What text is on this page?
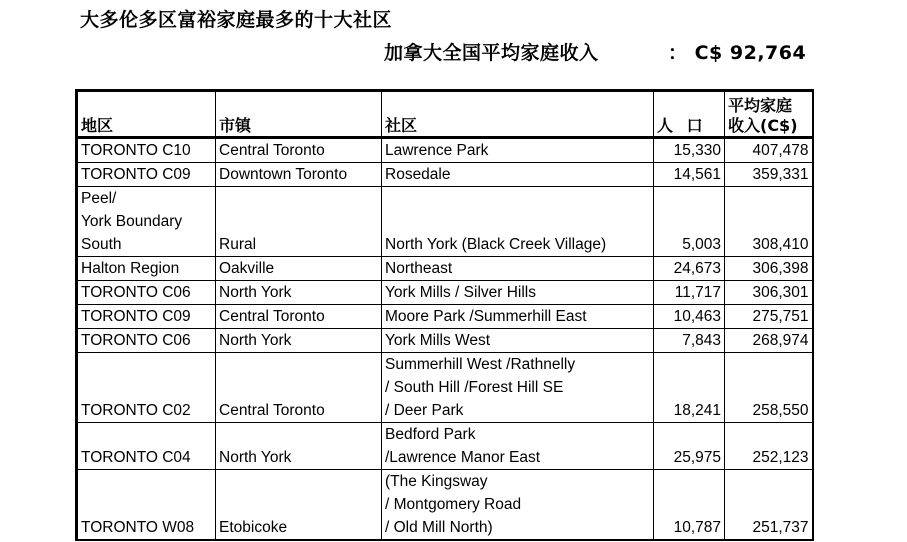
大多伦多区富裕家庭最多的十大社区
加拿大全国平均家庭收入	： C$ 92,764
地区	市镇	社区	人 口	平均家庭
收入(C$)

TORONTO C10	Central Toronto	Lawrence Park	15,330	407,478

TORONTO C09	Downtown Toronto	Rosedale	14,561	359,331

Peel/
York Boundary
South	Rural	North York (Black Creek Village)	5,003	308,410

Halton Region	Oakville	Northeast	24,673	306,398

TORONTO C06	North York	York Mills / Silver Hills	11,717	306,301

TORONTO C09	Central Toronto	Moore Park /Summerhill East	10,463	275,751

TORONTO C06	North York	York Mills West	7,843	268,974

TORONTO C02	Central Toronto	Summerhill West /Rathnelly
/ South Hill /Forest Hill SE
/ Deer Park	18,241	258,550

TORONTO C04	North York	Bedford Park
/Lawrence Manor East	25,975	252,123

TORONTO W08	Etobicoke	(The Kingsway
/ Montgomery Road
/ Old Mill North)	10,787	251,737
